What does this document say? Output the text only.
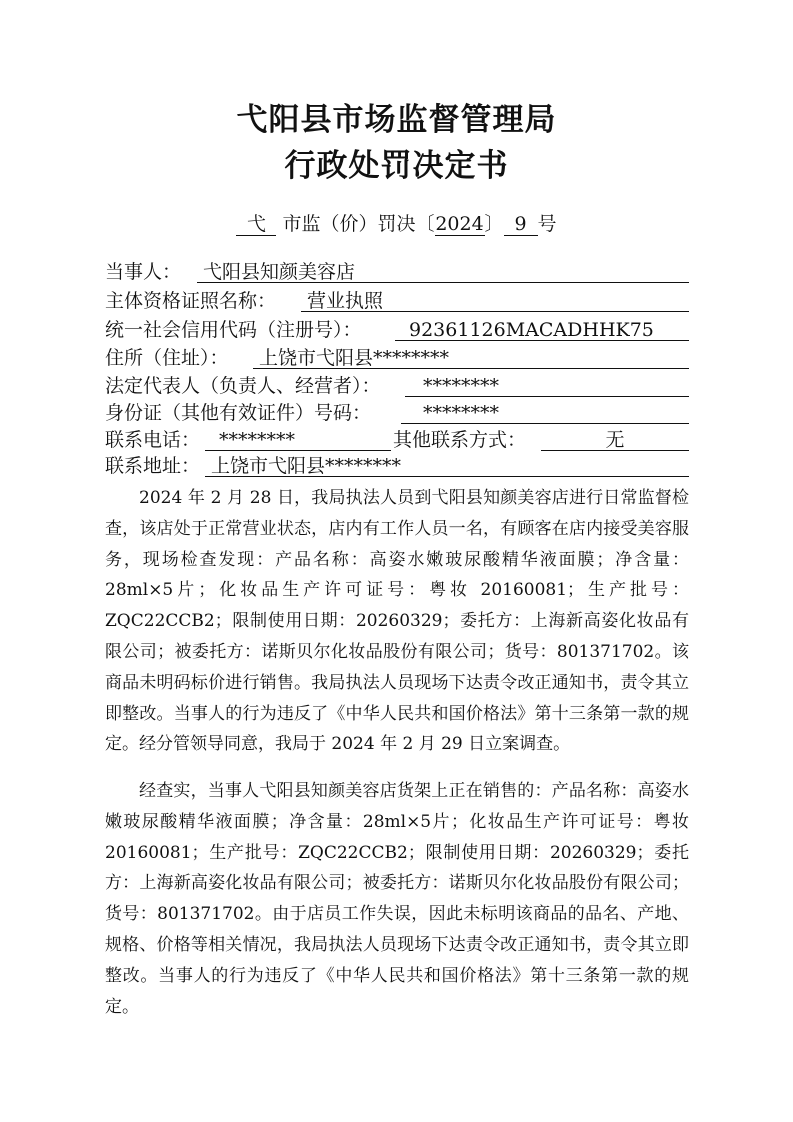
弋阳县市场监督管理局
行政处罚决定书
弋 市监（价）罚决〔2024〕 9 号
当事人：	弋阳县知颜美容店
主体资格证照名称：	营业执照
统一社会信用代码（注册号）：	92361126MACADHHK75
住所（住址）：	上饶市弋阳县********
法定代表人（负责人、经营者）：	********
身份证（其他有效证件）号码：	********
联系电话： ********	其他联系方式：	无
联系地址： 上饶市弋阳县********

2024 年 2 月 28 日，我局执法人员到弋阳县知颜美容店进行日常监督检查，该店处于正常营业状态，店内有工作人员一名，有顾客在店内接受美容服务，现场检查发现：产品名称：高姿水嫩玻尿酸精华液面膜；净含量：28ml×5片；化妆品生产许可证号：粤妆 20160081；生产批号：ZQC22CCB2；限制使用日期：20260329；委托方：上海新高姿化妆品有限公司；被委托方：诺斯贝尔化妆品股份有限公司；货号：801371702。该商品未明码标价进行销售。我局执法人员现场下达责令改正通知书，责令其立即整改。当事人的行为违反了《中华人民共和国价格法》第十三条第一款的规定。经分管领导同意，我局于 2024 年 2 月 29 日立案调查。

经查实，当事人弋阳县知颜美容店货架上正在销售的：产品名称：高姿水嫩玻尿酸精华液面膜；净含量：28ml×5片；化妆品生产许可证号：粤妆 20160081；生产批号：ZQC22CCB2；限制使用日期：20260329；委托方：上海新高姿化妆品有限公司；被委托方：诺斯贝尔化妆品股份有限公司；货号：801371702。由于店员工作失误，因此未标明该商品的品名、产地、规格、价格等相关情况，我局执法人员现场下达责令改正通知书，责令其立即整改。当事人的行为违反了《中华人民共和国价格法》第十三条第一款的规定。
